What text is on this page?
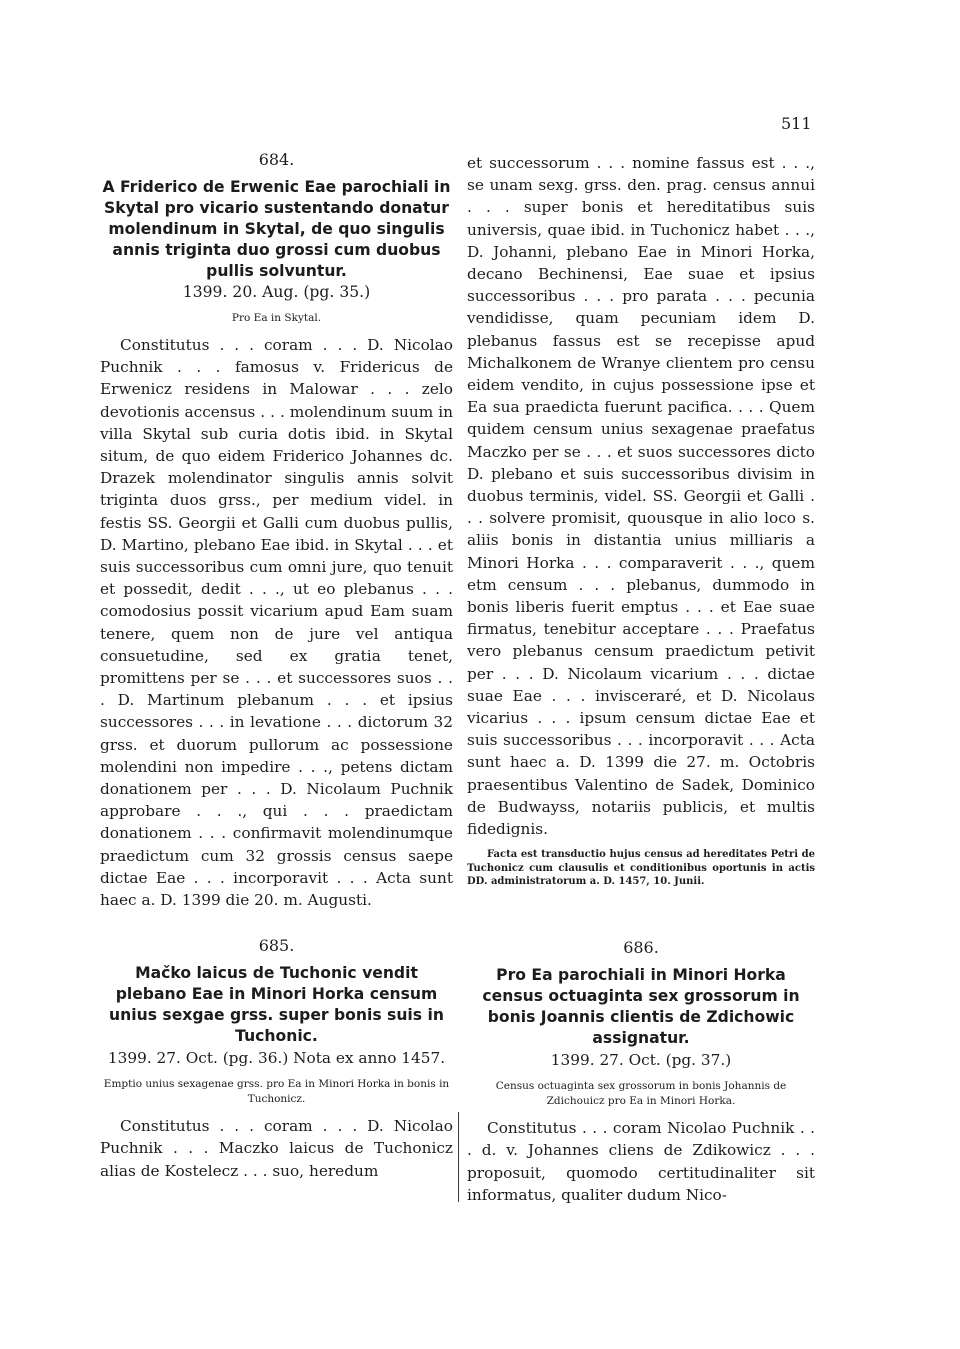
511
684.

A Friderico de Erwenic Eae parochiali in Skytal pro vicario sustentando donatur molendinum in Skytal, de quo singulis annis triginta duo grossi cum duobus pullis solvuntur.

1399. 20. Aug. (pg. 35.)

Pro Ea in Skytal.

Constitutus . . . coram . . . D. Nicolao Puchnik . . . famosus v. Fridericus de Erwenicz residens in Malowar . . . zelo devotionis accensus . . . molendinum suum in villa Skytal sub curia dotis ibid. in Skytal situm, de quo eidem Friderico Johannes dc. Drazek molendinator singulis annis solvit triginta duos grss., per medium videl. in festis SS. Georgii et Galli cum duobus pullis, D. Martino, plebano Eae ibid. in Skytal . . . et suis successoribus cum omni jure, quo tenuit et possedit, dedit . . ., ut eo plebanus . . . comodosius possit vicarium apud Eam suam tenere, quem non de jure vel antiqua consuetudine, sed ex gratia tenet, promittens per se . . . et successores suos . . . D. Martinum plebanum . . . et ipsius successores . . . in levatione . . . dictorum 32 grss. et duorum pullorum ac possessione molendini non impedire . . ., petens dictam donationem per . . . D. Nicolaum Puchnik approbare . . ., qui . . . praedictam donationem . . . confirmavit molendinumque praedictum cum 32 grossis census saepe dictae Eae . . . incorporavit . . . Acta sunt haec a. D. 1399 die 20. m. Augusti.

et successorum . . . nomine fassus est . . ., se unam sexg. grss. den. prag. census annui . . . super bonis et hereditatibus suis universis, quae ibid. in Tuchonicz habet . . ., D. Johanni, plebano Eae in Minori Horka, decano Bechinensi, Eae suae et ipsius successoribus . . . pro parata . . . pecunia vendidisse, quam pecuniam idem D. plebanus fassus est se recepisse apud Michalkonem de Wranye clientem pro censu eidem vendito, in cujus possessione ipse et Ea sua praedicta fuerunt pacifica. . . . Quem quidem censum unius sexagenae praefatus Maczko per se . . . et suos successores dicto D. plebano et suis successoribus divisim in duobus terminis, videl. SS. Georgii et Galli . . . solvere promisit, quousque in alio loco s. aliis bonis in distantia unius milliaris a Minori Horka . . . comparaverit . . ., quem etm censum . . . plebanus, dummodo in bonis liberis fuerit emptus . . . et Eae suae firmatus, tenebitur acceptare . . . Praefatus vero plebanus censum praedictum petivit per . . . D. Nicolaum vicarium . . . dictae suae Eae . . . invisceraré, et D. Nicolaus vicarius . . . ipsum censum dictae Eae et suis successoribus . . . incorporavit . . . Acta sunt haec a. D. 1399 die 27. m. Octobris praesentibus Valentino de Sadek, Dominico de Budwayss, notariis publicis, et multis fidedignis.

Facta est transductio hujus census ad hereditates Petri de Tuchonicz cum clausulis et conditionibus oportunis in actis DD. administratorum a. D. 1457, 10. Junii.

685.

Mačko laicus de Tuchonic vendit plebano Eae in Minori Horka censum unius sexgae grss. super bonis suis in Tuchonic.

1399. 27. Oct. (pg. 36.) Nota ex anno 1457.

Emptio unius sexagenae grss. pro Ea in Minori Horka in bonis in Tuchonicz.

Constitutus . . . coram . . . D. Nicolao Puchnik . . . Maczko laicus de Tuchonicz alias de Kostelecz . . . suo, heredum

686.

Pro Ea parochiali in Minori Horka census octuaginta sex grossorum in bonis Joannis clientis de Zdichowic assignatur.

1399. 27. Oct. (pg. 37.)

Census octuaginta sex grossorum in bonis Johannis de Zdichouicz pro Ea in Minori Horka.

Constitutus . . . coram Nicolao Puchnik . . . d. v. Johannes cliens de Zdikowicz . . . proposuit, quomodo certitudinaliter sit informatus, qualiter dudum Nico-
